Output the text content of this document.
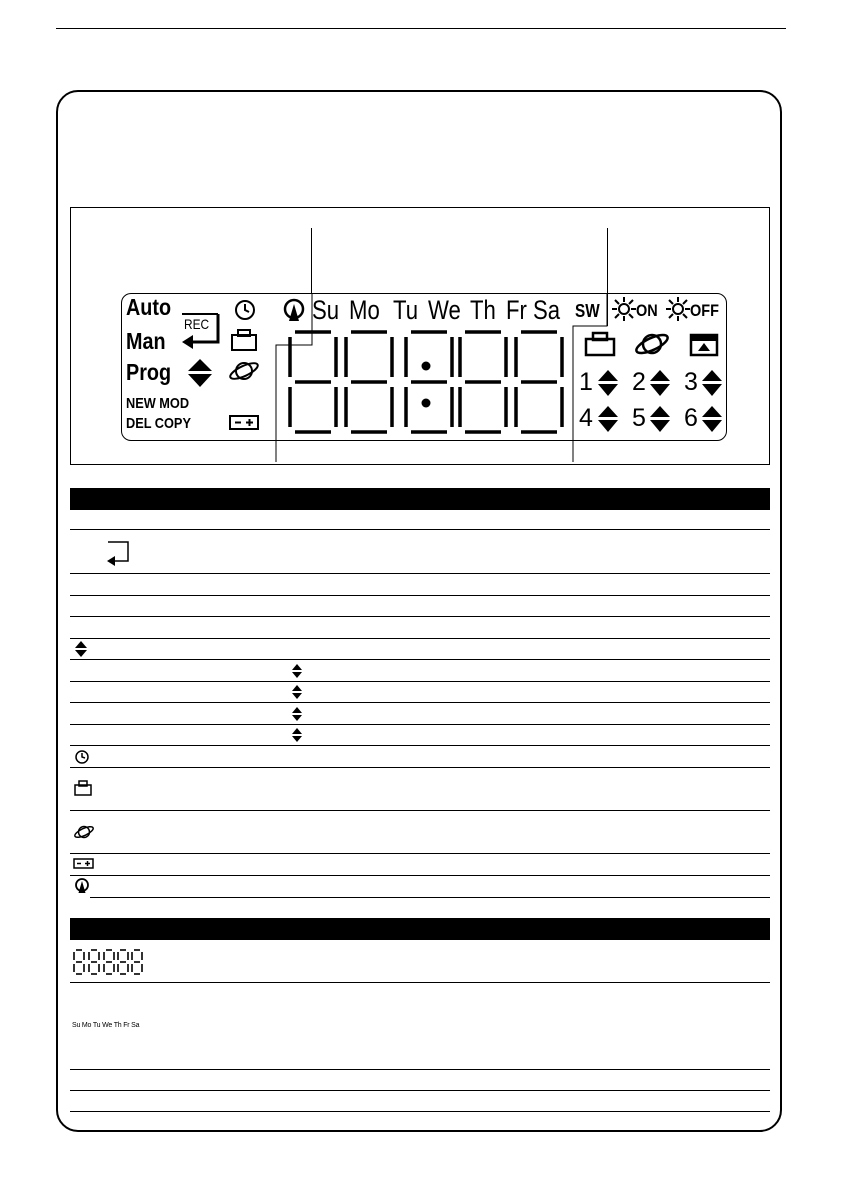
Auto
Man
Prog
REC
NEW MOD
DEL COPY
Su Mo Tu We Th Fr Sa SW ON OFF
1 2 3
4 5 6
Su Mo Tu We Th Fr Sa
